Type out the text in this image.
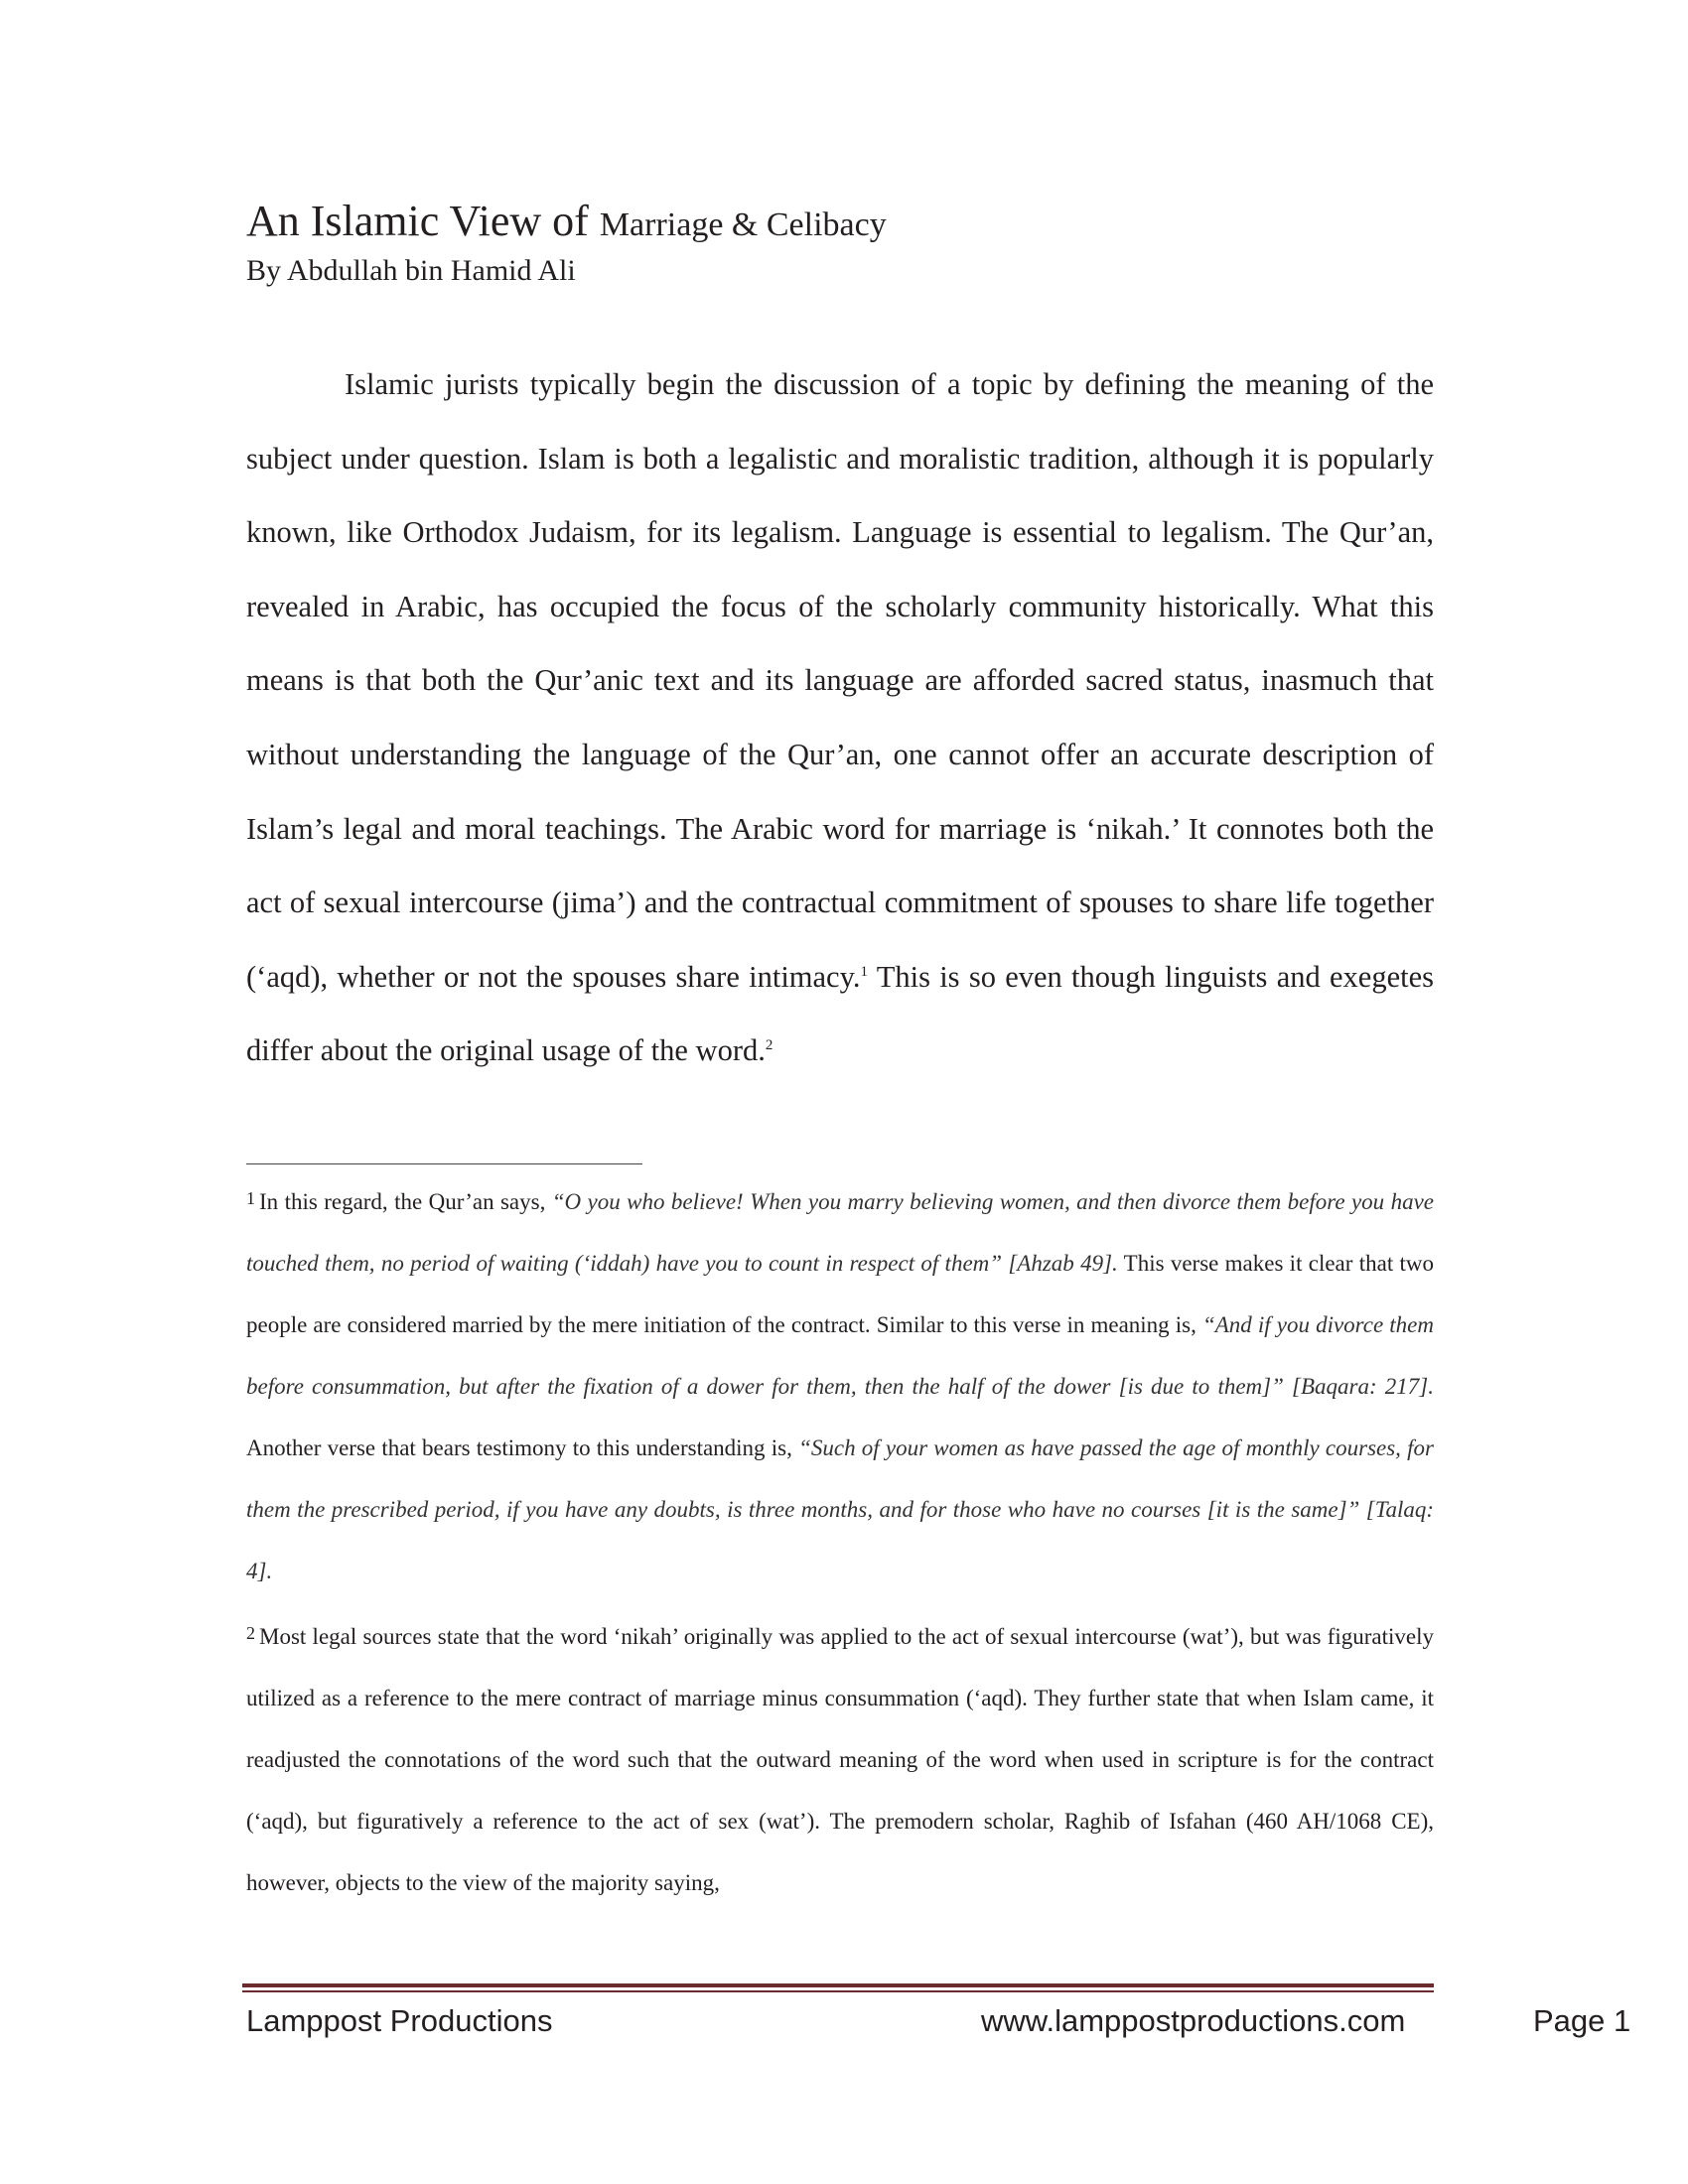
An Islamic View of Marriage & Celibacy

By Abdullah bin Hamid Ali

Islamic jurists typically begin the discussion of a topic by defining the meaning of the subject under question. Islam is both a legalistic and moralistic tradition, although it is popularly known, like Orthodox Judaism, for its legalism. Language is essential to legalism. The Qur’an, revealed in Arabic, has occupied the focus of the scholarly community historically. What this means is that both the Qur’anic text and its language are afforded sacred status, inasmuch that without understanding the language of the Qur’an, one cannot offer an accurate description of Islam’s legal and moral teachings. The Arabic word for marriage is ‘nikah.’ It connotes both the act of sexual intercourse (jima’) and the contractual commitment of spouses to share life together (‘aqd), whether or not the spouses share intimacy.$^1$ This is so even though linguists and exegetes differ about the original usage of the word.$^2$

$^1$ In this regard, the Qur’an says, “O you who believe! When you marry believing women, and then divorce them before you have touched them, no period of waiting (‘iddah) have you to count in respect of them” [Ahzab 49]. This verse makes it clear that two people are considered married by the mere initiation of the contract. Similar to this verse in meaning is, “And if you divorce them before consummation, but after the fixation of a dower for them, then the half of the dower [is due to them]” [Baqara: 217]. Another verse that bears testimony to this understanding is, “Such of your women as have passed the age of monthly courses, for them the prescribed period, if you have any doubts, is three months, and for those who have no courses [it is the same]” [Talaq: 4].

$^2$ Most legal sources state that the word ‘nikah’ originally was applied to the act of sexual intercourse (wat’), but was figuratively utilized as a reference to the mere contract of marriage minus consummation (‘aqd). They further state that when Islam came, it readjusted the connotations of the word such that the outward meaning of the word when used in scripture is for the contract (‘aqd), but figuratively a reference to the act of sex (wat’). The premodern scholar, Raghib of Isfahan (460 AH/1068 CE), however, objects to the view of the majority saying,

Lamppost Productions	www.lamppostproductions.com	Page 1
